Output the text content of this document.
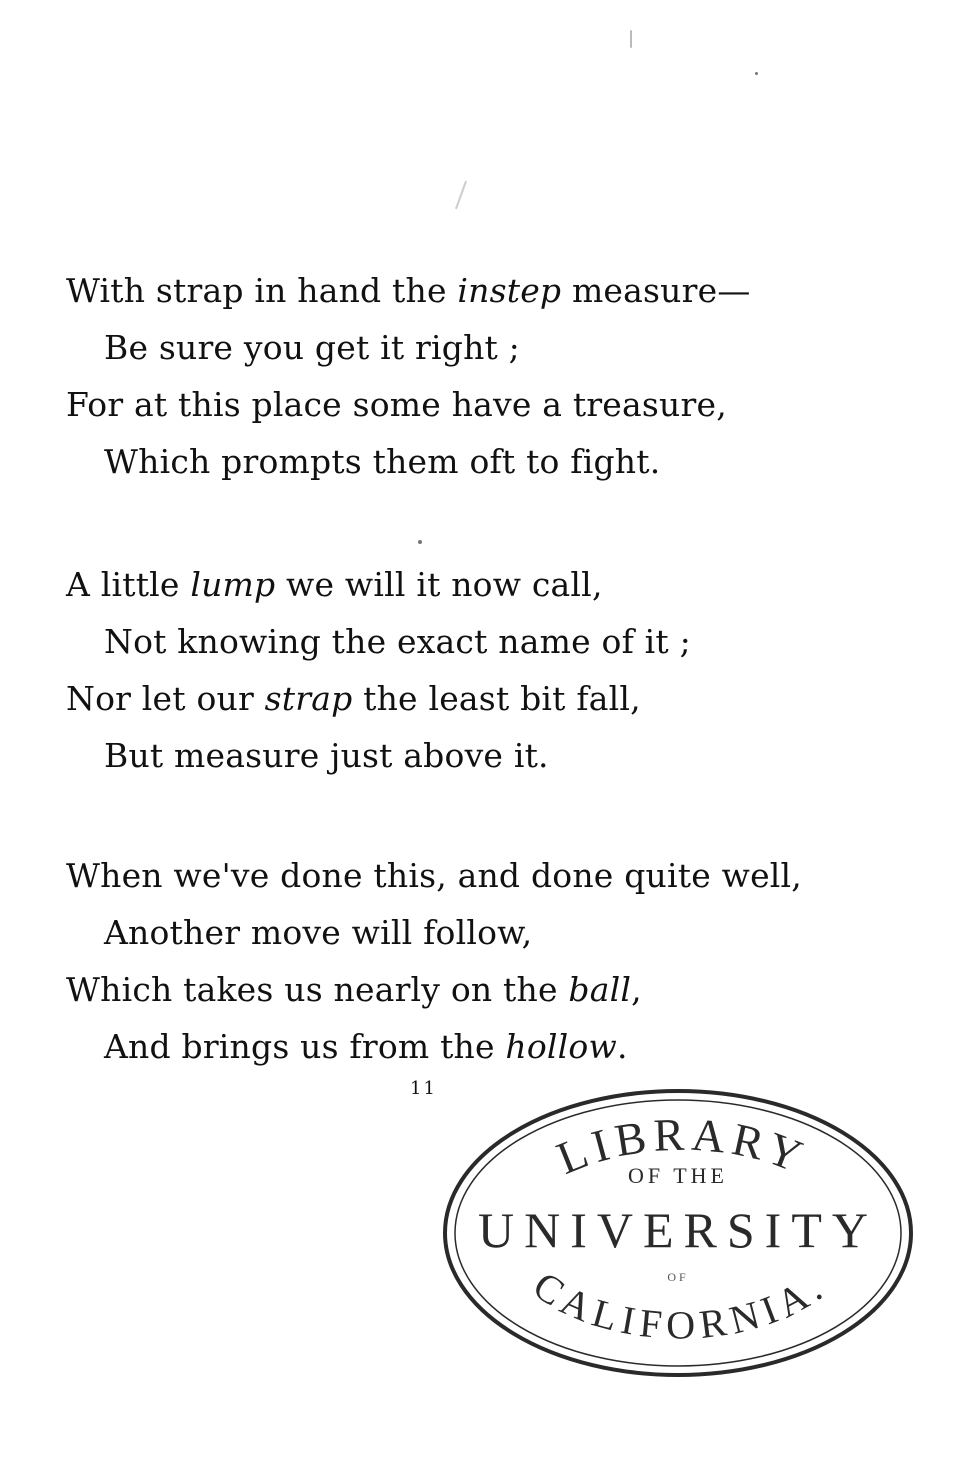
With strap in hand the instep measure—
Be sure you get it right ;
For at this place some have a treasure,
Which prompts them oft to fight.
A little lump we will it now call,
Not knowing the exact name of it ;
Nor let our strap the least bit fall,
But measure just above it.
When we've done this, and done quite well,
Another move will follow,
Which takes us nearly on the ball,
And brings us from the hollow.
11
LIBRARY
OF THE
UNIVERSITY
OF
CALIFORNIA.
